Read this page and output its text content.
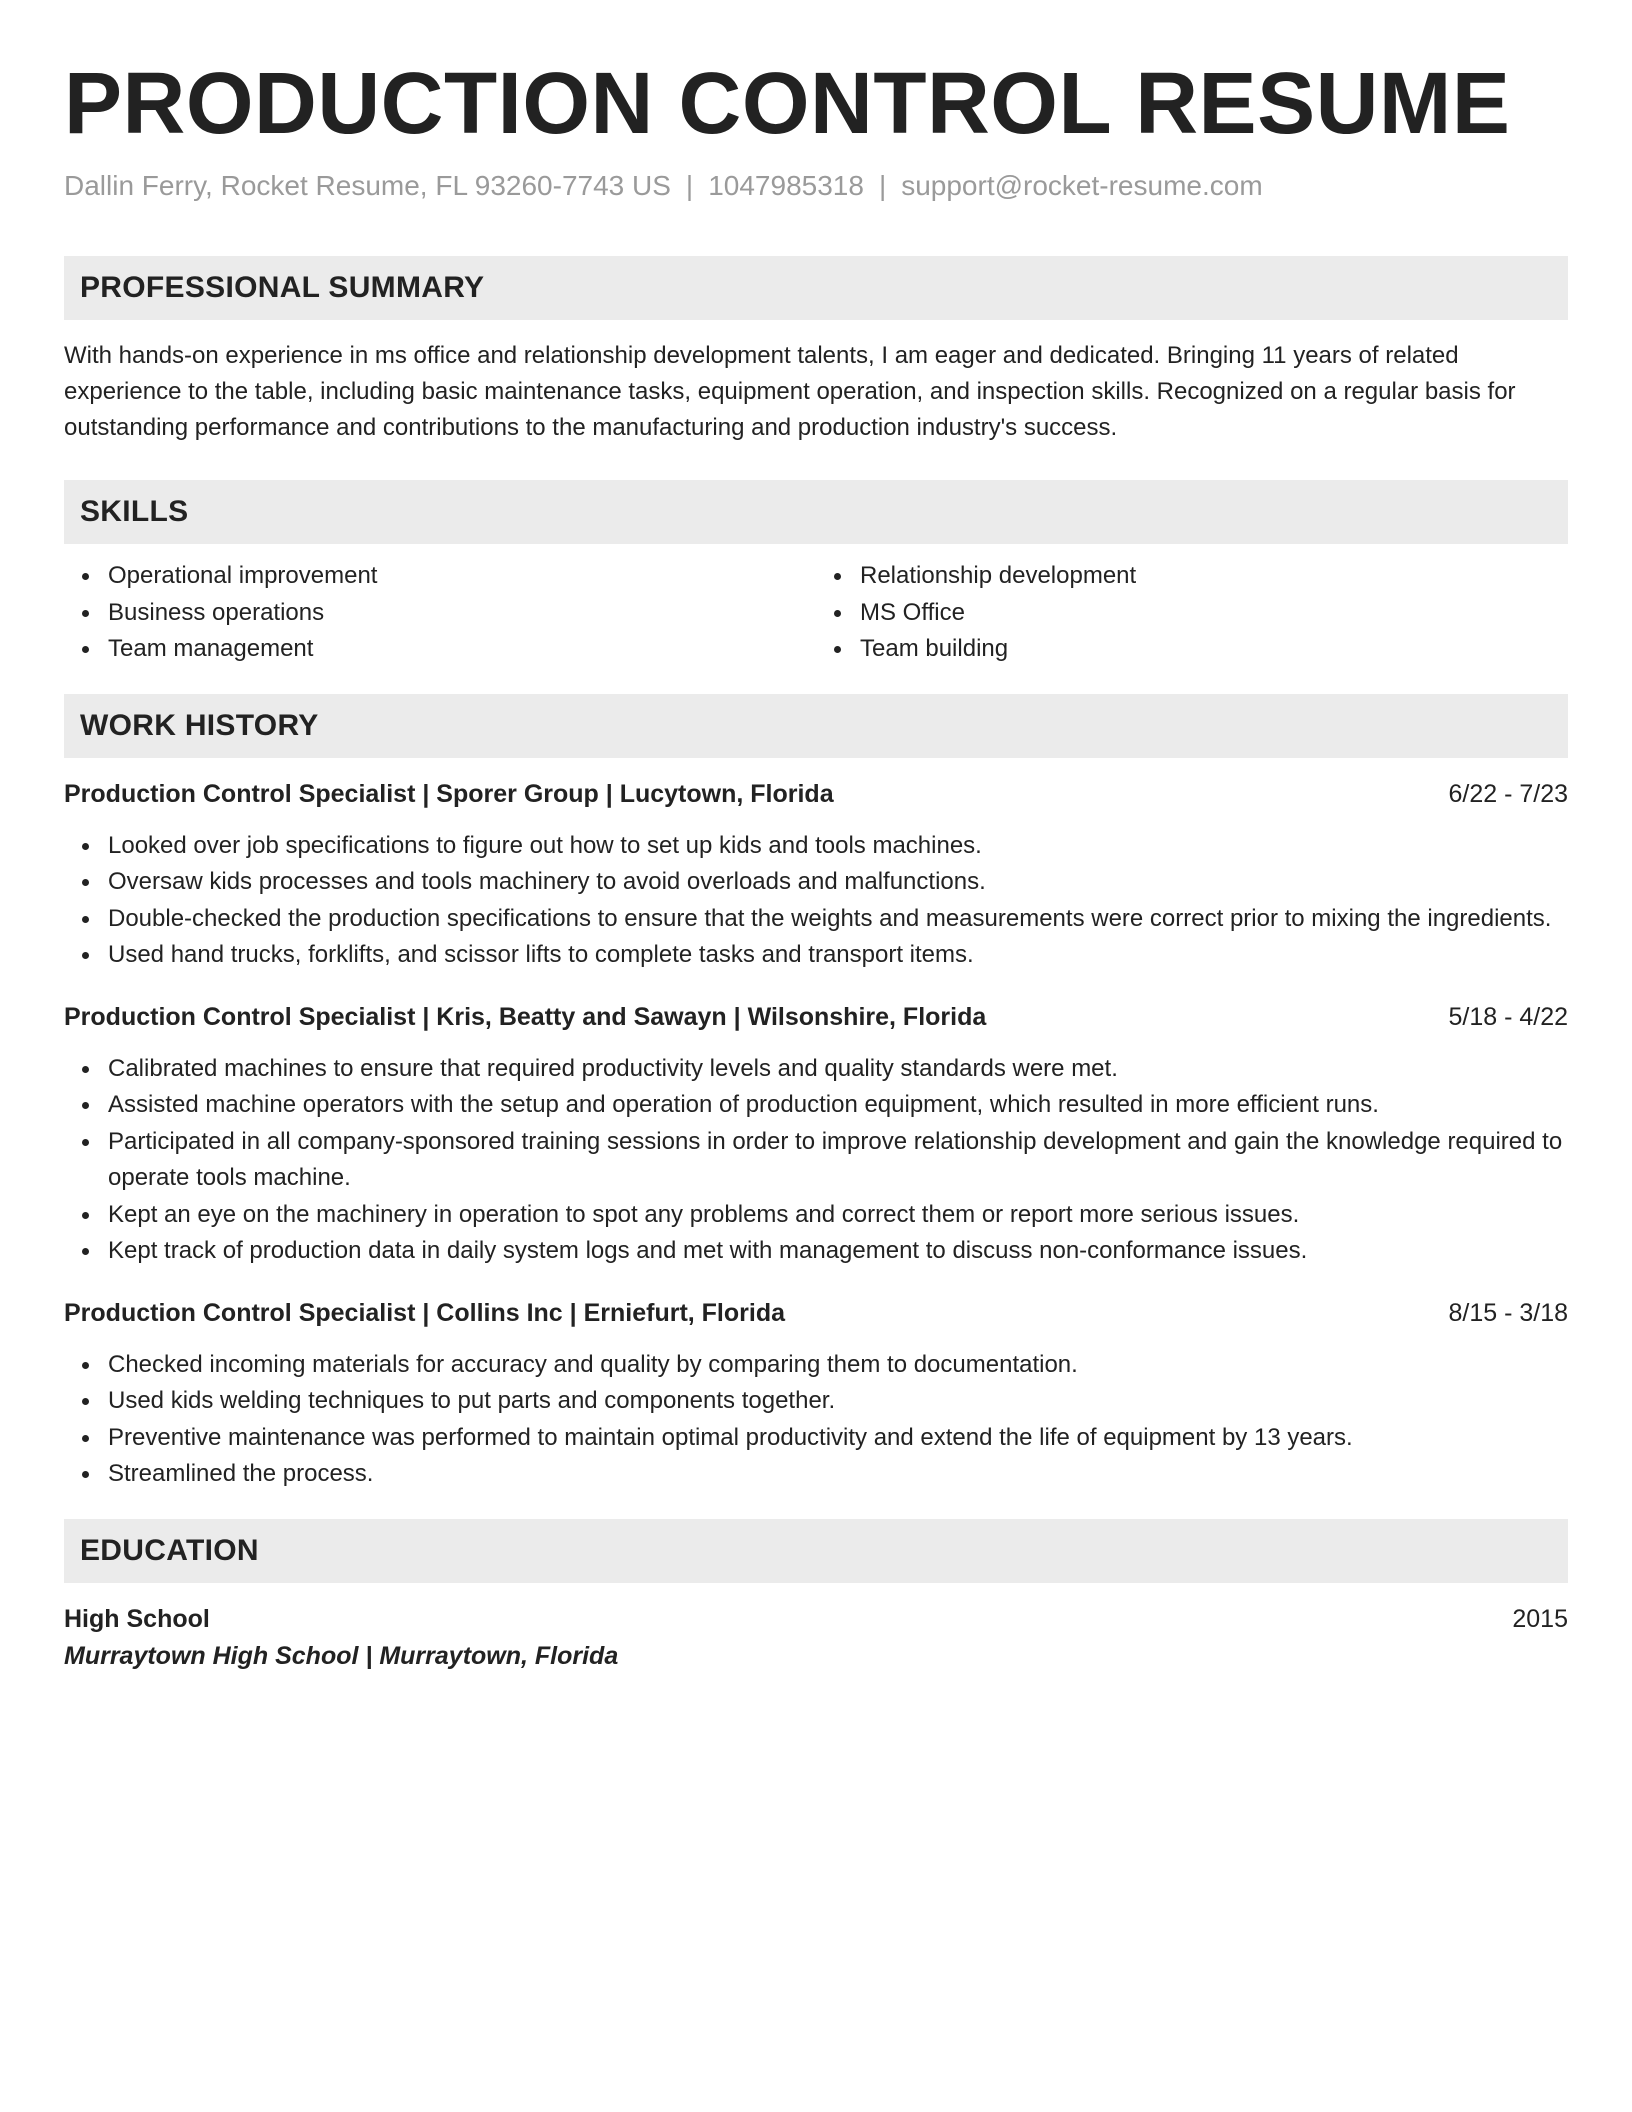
PRODUCTION CONTROL RESUME
Dallin Ferry, Rocket Resume, FL 93260-7743 US | 1047985318 | support@rocket-resume.com
PROFESSIONAL SUMMARY

With hands-on experience in ms office and relationship development talents, I am eager and dedicated. Bringing 11 years of related experience to the table, including basic maintenance tasks, equipment operation, and inspection skills. Recognized on a regular basis for outstanding performance and contributions to the manufacturing and production industry's success.

SKILLS
Operational improvement
Business operations
Team management
Relationship development
MS Office
Team building
WORK HISTORY
Production Control Specialist | Sporer Group | Lucytown, Florida	6/22 - 7/23
Looked over job specifications to figure out how to set up kids and tools machines.
Oversaw kids processes and tools machinery to avoid overloads and malfunctions.
Double-checked the production specifications to ensure that the weights and measurements were correct prior to mixing the ingredients.
Used hand trucks, forklifts, and scissor lifts to complete tasks and transport items.
Production Control Specialist | Kris, Beatty and Sawayn | Wilsonshire, Florida	5/18 - 4/22
Calibrated machines to ensure that required productivity levels and quality standards were met.
Assisted machine operators with the setup and operation of production equipment, which resulted in more efficient runs.
Participated in all company-sponsored training sessions in order to improve relationship development and gain the knowledge required to operate tools machine.
Kept an eye on the machinery in operation to spot any problems and correct them or report more serious issues.
Kept track of production data in daily system logs and met with management to discuss non-conformance issues.
Production Control Specialist | Collins Inc | Erniefurt, Florida	8/15 - 3/18
Checked incoming materials for accuracy and quality by comparing them to documentation.
Used kids welding techniques to put parts and components together.
Preventive maintenance was performed to maintain optimal productivity and extend the life of equipment by 13 years.
Streamlined the process.
EDUCATION
High School	2015
Murraytown High School | Murraytown, Florida
